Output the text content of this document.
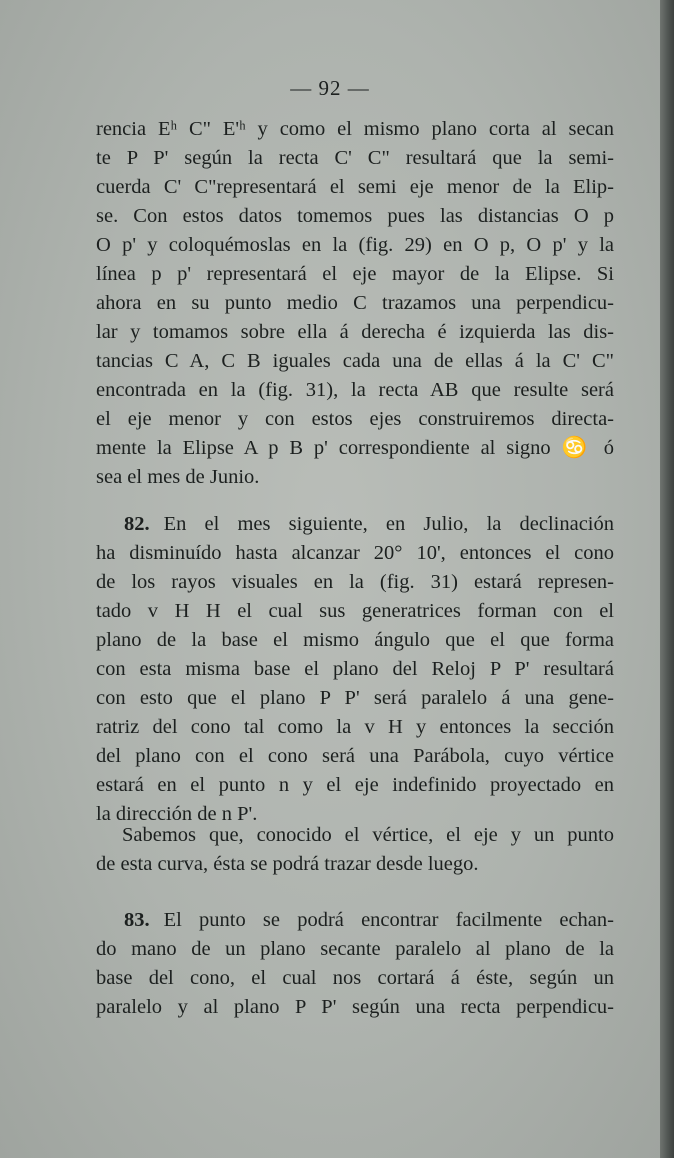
— 92 —
rencia Eʰ C" E'ʰ y como el mismo plano corta al secan
te P P' según la recta C' C" resultará que la semi-
cuerda C' C"representará el semi eje menor de la Elip-
se. Con estos datos tomemos pues las distancias O p
O p' y coloquémoslas en la (fig. 29) en O p, O p' y la
línea p p' representará el eje mayor de la Elipse. Si
ahora en su punto medio C trazamos una perpendicu-
lar y tomamos sobre ella á derecha é izquierda las dis-
tancias C A, C B iguales cada una de ellas á la C' C"
encontrada en la (fig. 31), la recta AB que resulte será
el eje menor y con estos ejes construiremos directa-
mente la Elipse A p B p' correspondiente al signo ♋ ó
sea el mes de Junio.
82. En el mes siguiente, en Julio, la declinación
ha disminuído hasta alcanzar 20° 10', entonces el cono
de los rayos visuales en la (fig. 31) estará represen-
tado v H H el cual sus generatrices forman con el
plano de la base el mismo ángulo que el que forma
con esta misma base el plano del Reloj P P' resultará
con esto que el plano P P' será paralelo á una gene-
ratriz del cono tal como la v H y entonces la sección
del plano con el cono será una Parábola, cuyo vértice
estará en el punto n y el eje indefinido proyectado en
la dirección de n P'.
Sabemos que, conocido el vértice, el eje y un punto
de esta curva, ésta se podrá trazar desde luego.
83. El punto se podrá encontrar facilmente echan-
do mano de un plano secante paralelo al plano de la
base del cono, el cual nos cortará á éste, según un
paralelo y al plano P P' según una recta perpendicu-
